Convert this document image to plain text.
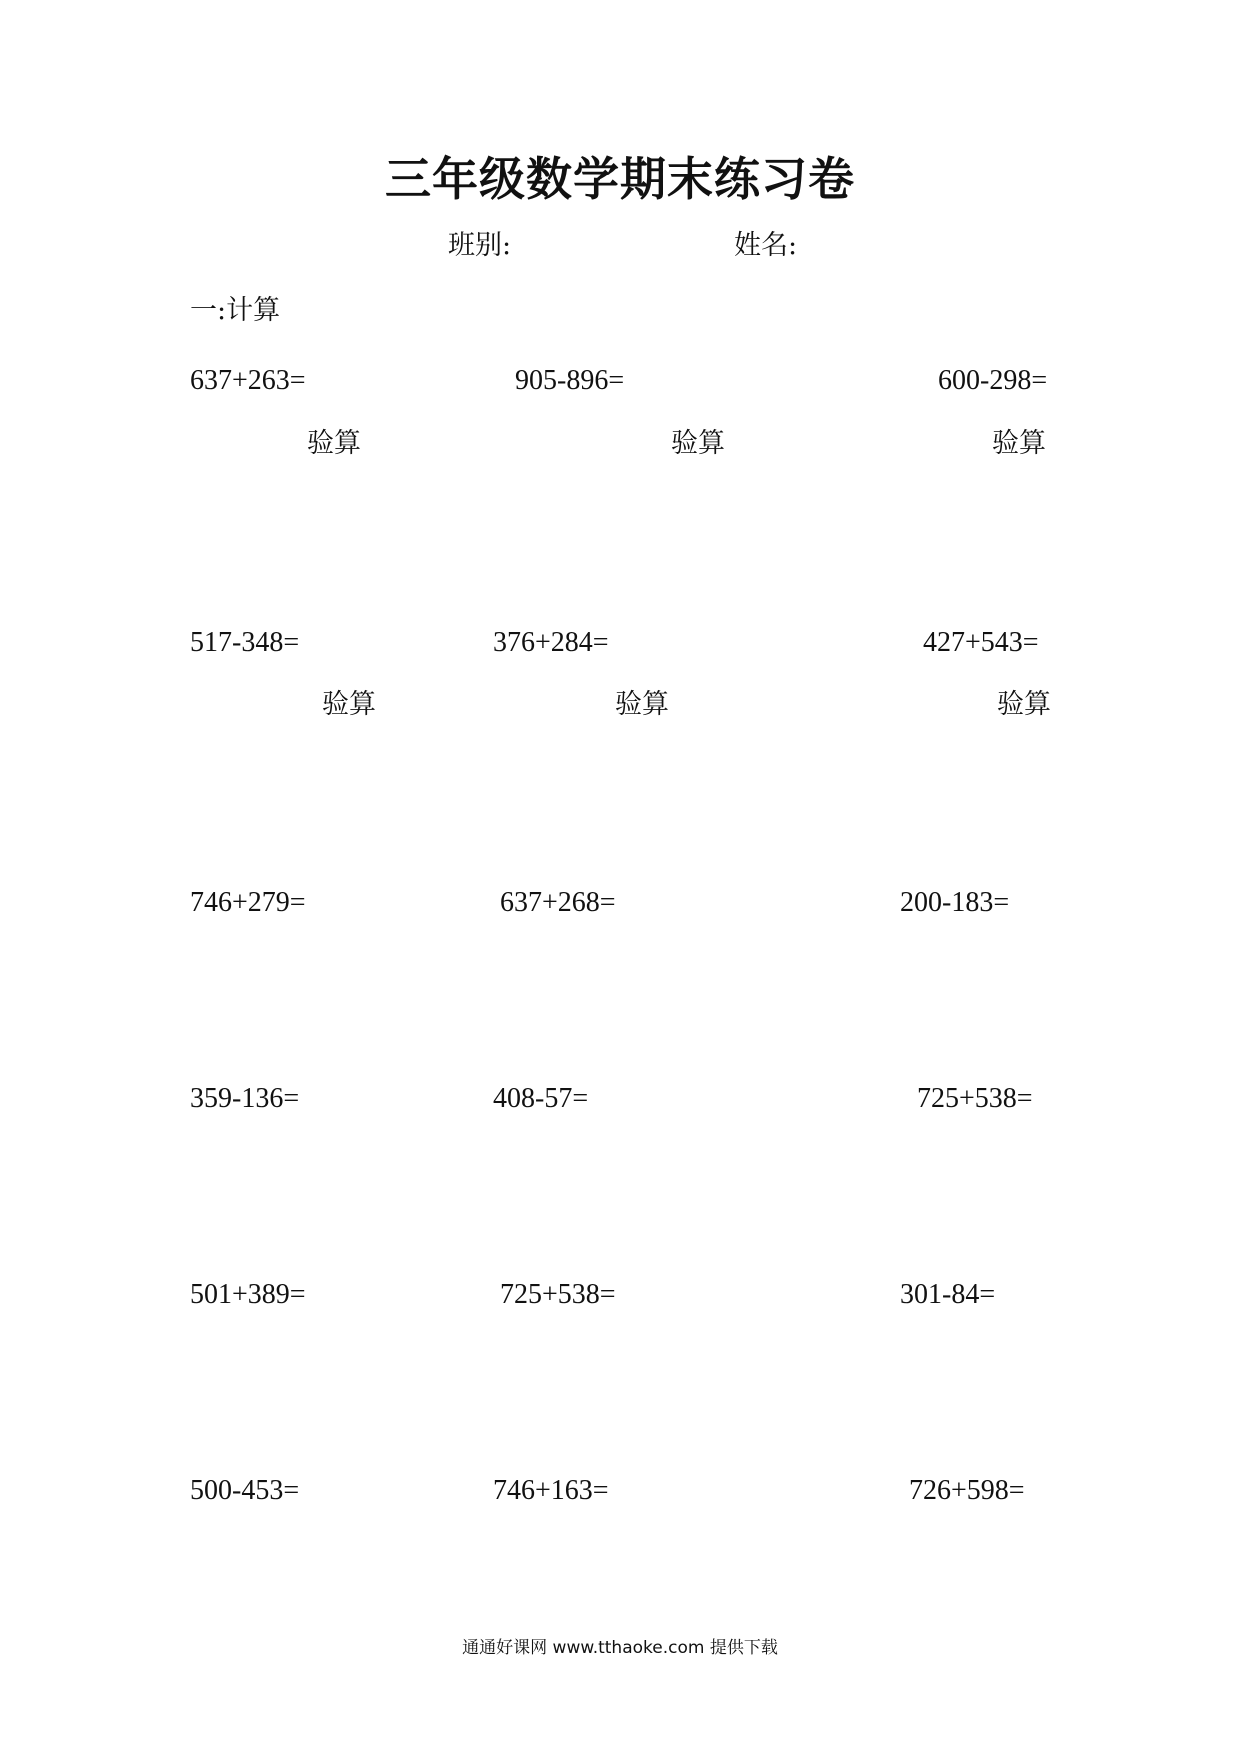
三年级数学期末练习卷
班别:	姓名:
一:计算
637+263=	905-896=	600-298=
验算	验算	验算
517-348=	376+284=	427+543=
验算	验算	验算
746+279=	637+268=	200-183=
359-136=	408-57=	725+538=
501+389=	725+538=	301-84=
500-453=	746+163=	726+598=
通通好课网 www.tthaoke.com 提供下载
